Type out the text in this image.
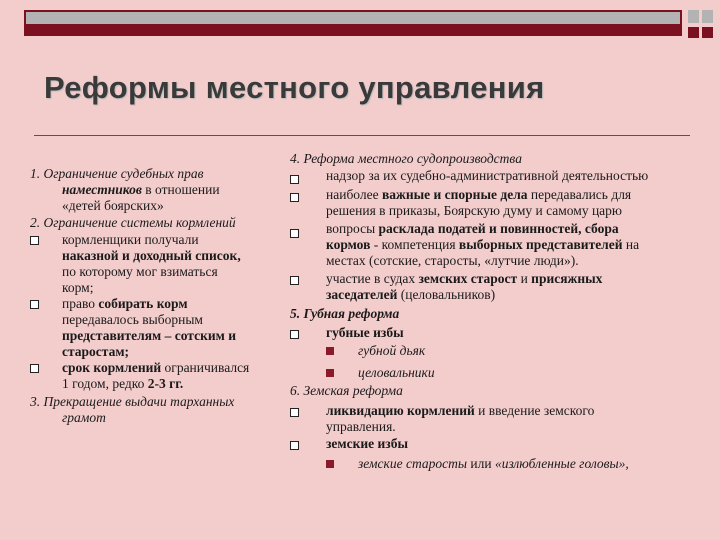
Реформы местного управления
1. Ограничение судебных прав
наместников в отношении
«детей боярских»
2. Ограничение системы кормлений
кормленщики получали
наказной и доходный список,
по которому мог взиматься
корм;
право собирать корм
передавалось выборным
представителям – сотским и
старостам;
срок кормлений ограничивался
1 годом, редко 2-3 гг.
3. Прекращение выдачи тарханных
грамот
4. Реформа местного судопроизводства
надзор за их судебно-административной деятельностью
наиболее важные и спорные дела передавались для
решения в приказы, Боярскую думу и самому царю
вопросы раскладa податей и повинностей, сбора
кормов - компетенция выборных представителей на
местах (сотские, старосты, «лутчие люди»).
участие в судах земских старост и присяжных
заседателей (целовальников)
5. Губная реформа
губные избы
губной дьяк
целовальники
6. Земская реформа
ликвидацию кормлений и введение земского
управления.
земские избы
земские старосты или «излюбленные головы»,
